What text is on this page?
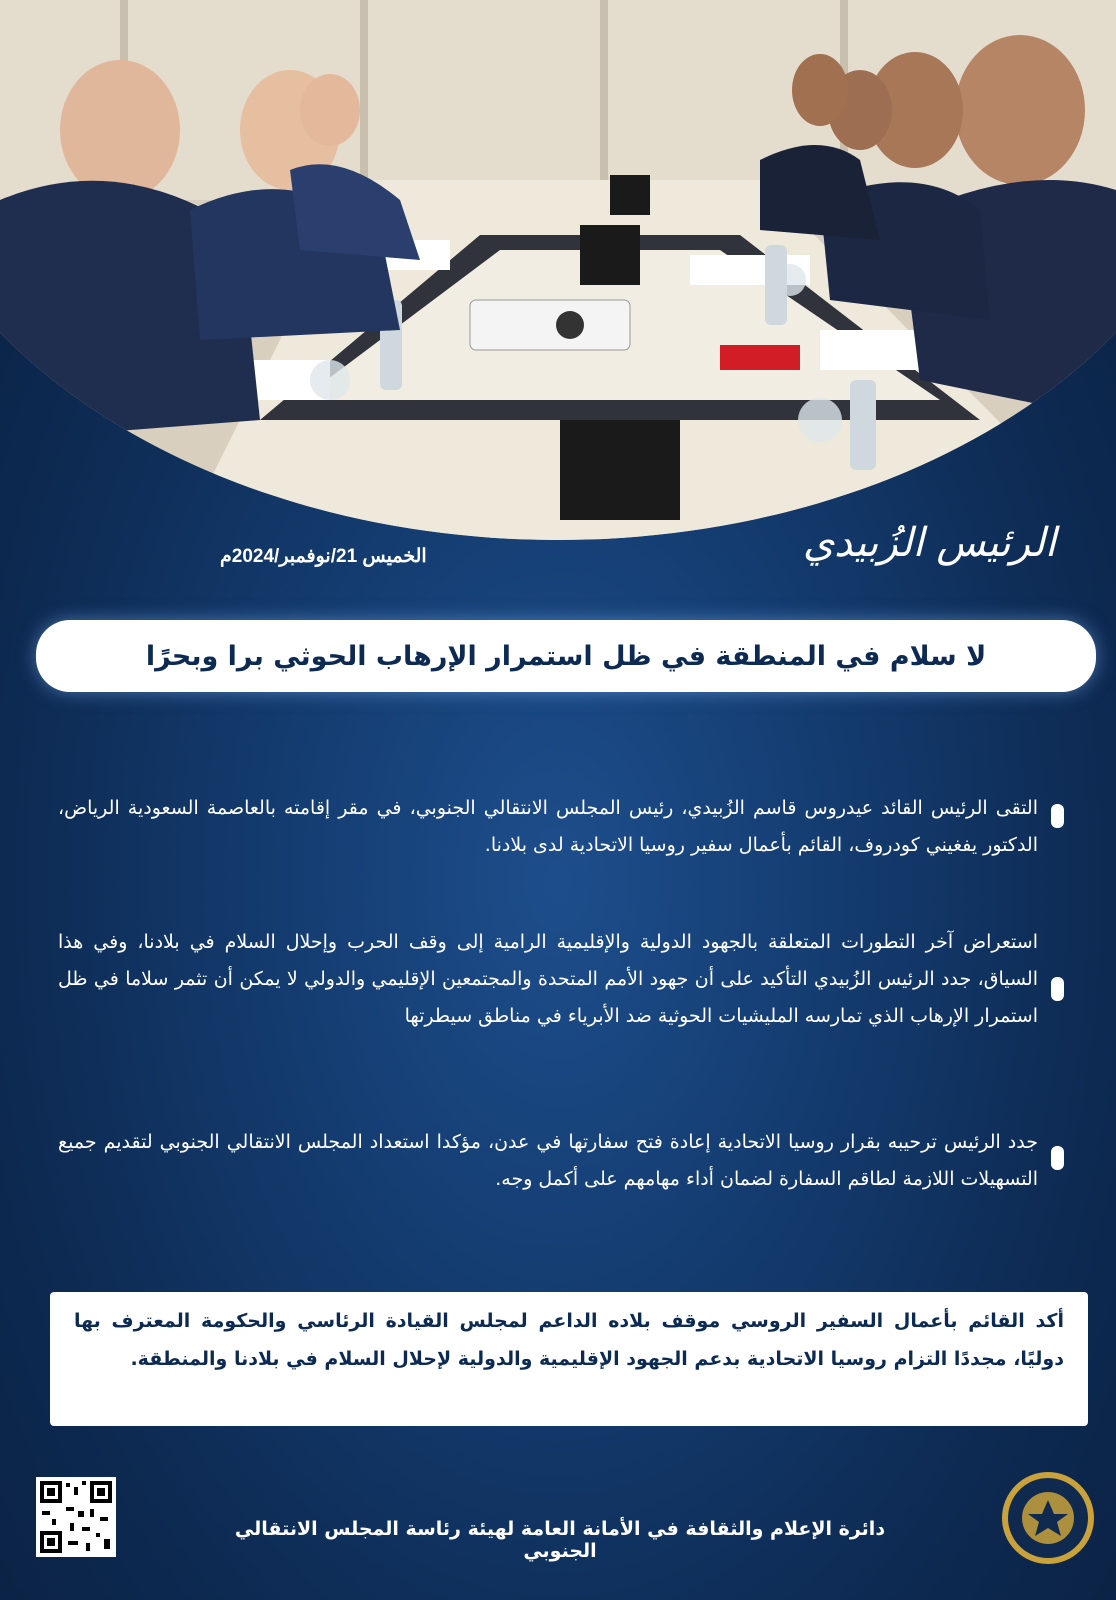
الخميس 21/نوفمبر/2024م	الرئيس الزُبيدي
لا سلام في المنطقة في ظل استمرار الإرهاب الحوثي برا وبحرًا

التقى الرئيس القائد عيدروس قاسم الزُبيدي، رئيس المجلس الانتقالي الجنوبي، في مقر إقامته بالعاصمة السعودية الرياض، الدكتور يفغيني كودروف، القائم بأعمال سفير روسيا الاتحادية لدى بلادنا.

استعراض آخر التطورات المتعلقة بالجهود الدولية والإقليمية الرامية إلى وقف الحرب وإحلال السلام في بلادنا، وفي هذا السياق، جدد الرئيس الزُبيدي التأكيد على أن جهود الأمم المتحدة والمجتمعين الإقليمي والدولي لا يمكن أن تثمر سلاما في ظل استمرار الإرهاب الذي تمارسه المليشيات الحوثية ضد الأبرياء في مناطق سيطرتها

جدد الرئيس ترحيبه بقرار روسيا الاتحادية إعادة فتح سفارتها في عدن، مؤكدا استعداد المجلس الانتقالي الجنوبي لتقديم جميع التسهيلات اللازمة لطاقم السفارة لضمان أداء مهامهم على أكمل وجه.

أكد القائم بأعمال السفير الروسي موقف بلاده الداعم لمجلس القيادة الرئاسي والحكومة المعترف بها دوليًا، مجددًا التزام روسيا الاتحادية بدعم الجهود الإقليمية والدولية لإحلال السلام في بلادنا والمنطقة.

دائرة الإعلام والثقافة في الأمانة العامة لهيئة رئاسة المجلس الانتقالي الجنوبي
